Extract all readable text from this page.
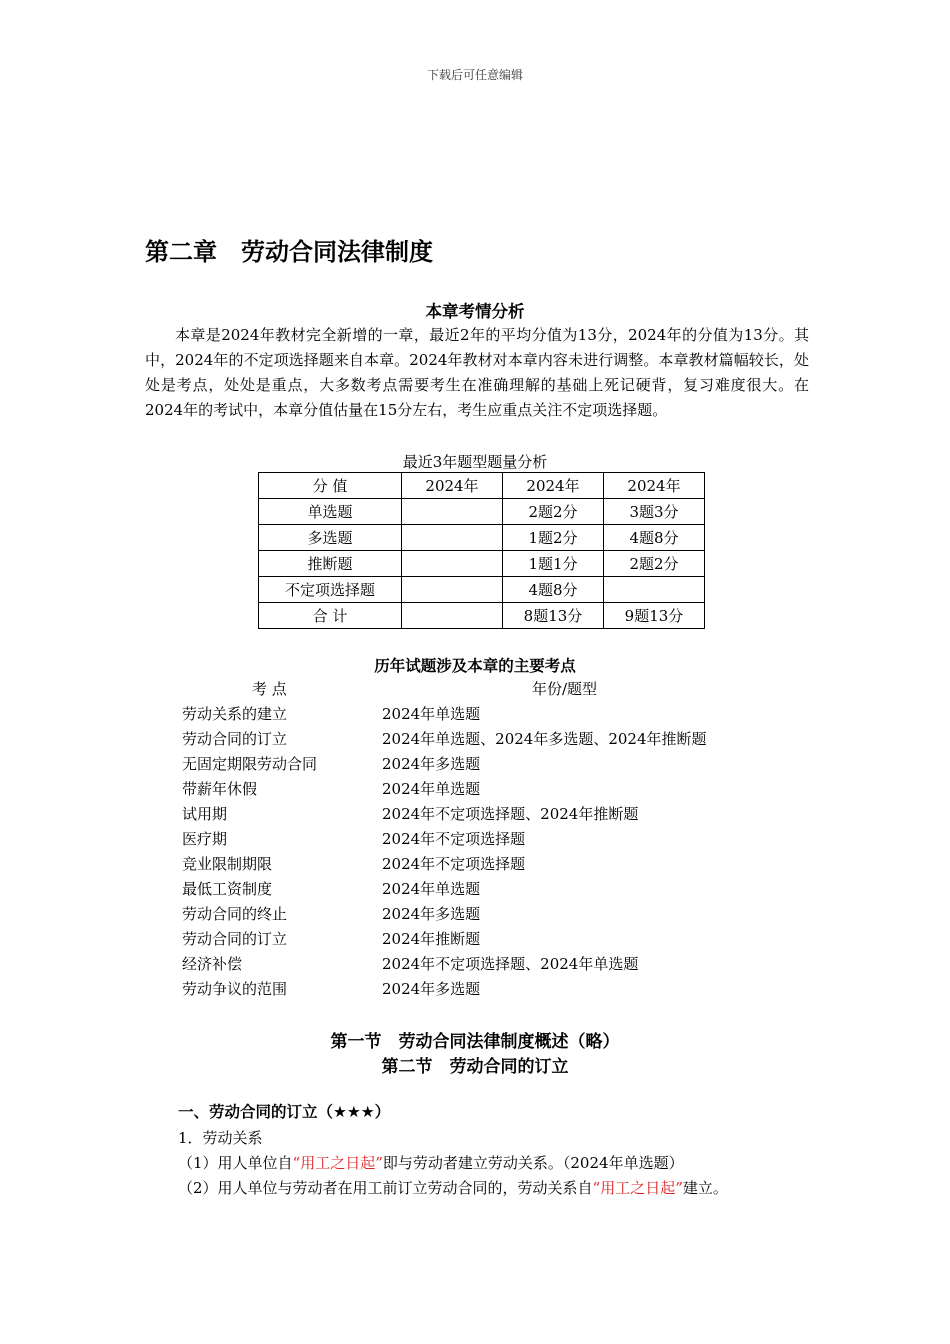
下载后可任意编辑
第二章　劳动合同法律制度
本章考情分析

本章是2024年教材完全新增的一章，最近2年的平均分值为13分，2024年的分值为13分。其中，2024年的不定项选择题来自本章。2024年教材对本章内容未进行调整。本章教材篇幅较长，处处是考点，处处是重点，大多数考点需要考生在准确理解的基础上死记硬背，复习难度很大。在2024年的考试中，本章分值估量在15分左右，考生应重点关注不定项选择题。

最近3年题型题量分析
分 值	2024年	2024年	2024年
单选题		2题2分	3题3分
多选题		1题2分	4题8分
推断题		1题1分	2题2分
不定项选择题		4题8分	
合 计		8题13分	9题13分
历年试题涉及本章的主要考点
考 点	年份/题型
劳动关系的建立	2024年单选题
劳动合同的订立	2024年单选题、2024年多选题、2024年推断题
无固定期限劳动合同	2024年多选题
带薪年休假	2024年单选题
试用期	2024年不定项选择题、2024年推断题
医疗期	2024年不定项选择题
竞业限制期限	2024年不定项选择题
最低工资制度	2024年单选题
劳动合同的终止	2024年多选题
劳动合同的订立	2024年推断题
经济补偿	2024年不定项选择题、2024年单选题
劳动争议的范围	2024年多选题
第一节　劳动合同法律制度概述（略）
第二节　劳动合同的订立
一、劳动合同的订立（★★★）
1．劳动关系
（1）用人单位自“用工之日起”即与劳动者建立劳动关系。（2024年单选题）
（2）用人单位与劳动者在用工前订立劳动合同的，劳动关系自“用工之日起”建立。
